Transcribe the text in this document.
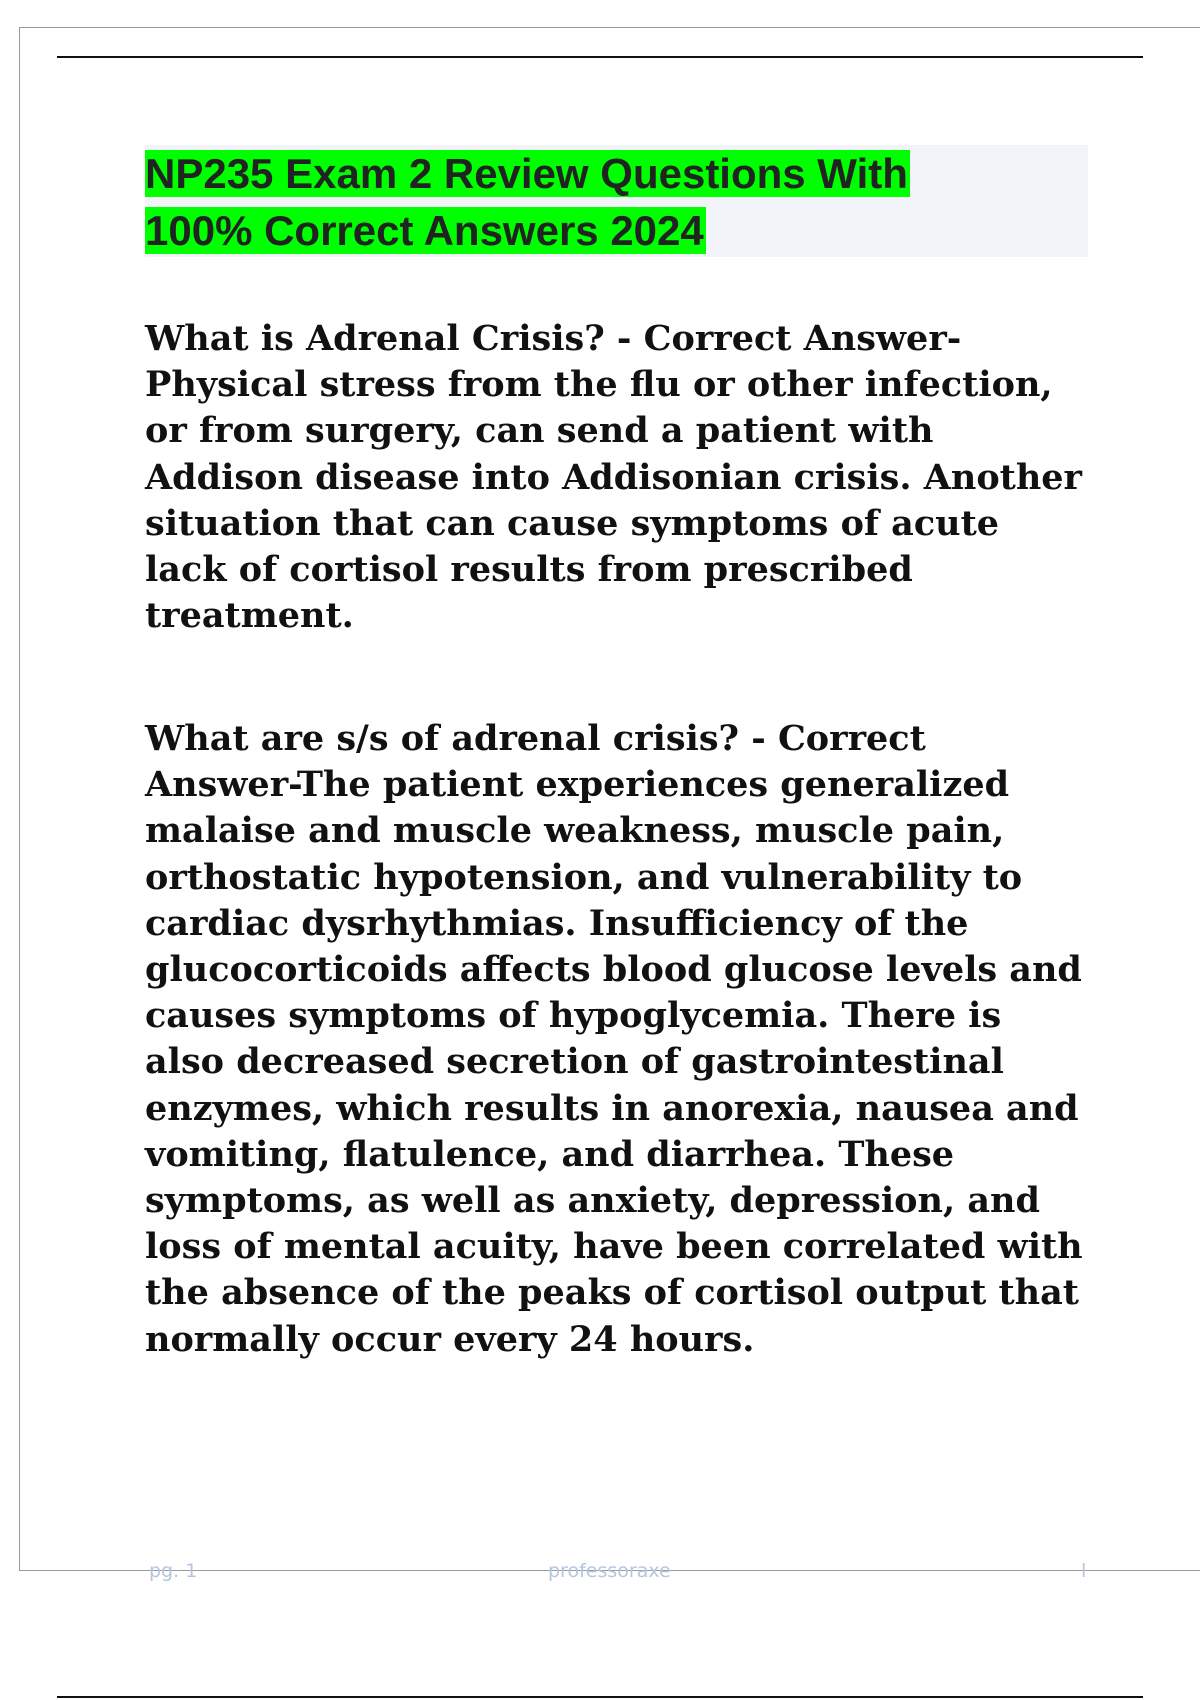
NP235 Exam 2 Review Questions With
100% Correct Answers 2024

What is Adrenal Crisis? - Correct Answer-Physical stress from the flu or other infection, or from surgery, can send a patient with Addison disease into Addisonian crisis. Another situation that can cause symptoms of acute lack of cortisol results from prescribed treatment.

What are s/s of adrenal crisis? - Correct Answer-The patient experiences generalized malaise and muscle weakness, muscle pain, orthostatic hypotension, and vulnerability to cardiac dysrhythmias. Insufficiency of the glucocorticoids affects blood glucose levels and causes symptoms of hypoglycemia. There is also decreased secretion of gastrointestinal enzymes, which results in anorexia, nausea and vomiting, flatulence, and diarrhea. These symptoms, as well as anxiety, depression, and loss of mental acuity, have been correlated with the absence of the peaks of cortisol output that normally occur every 24 hours.

pg. 1	professoraxe	l
